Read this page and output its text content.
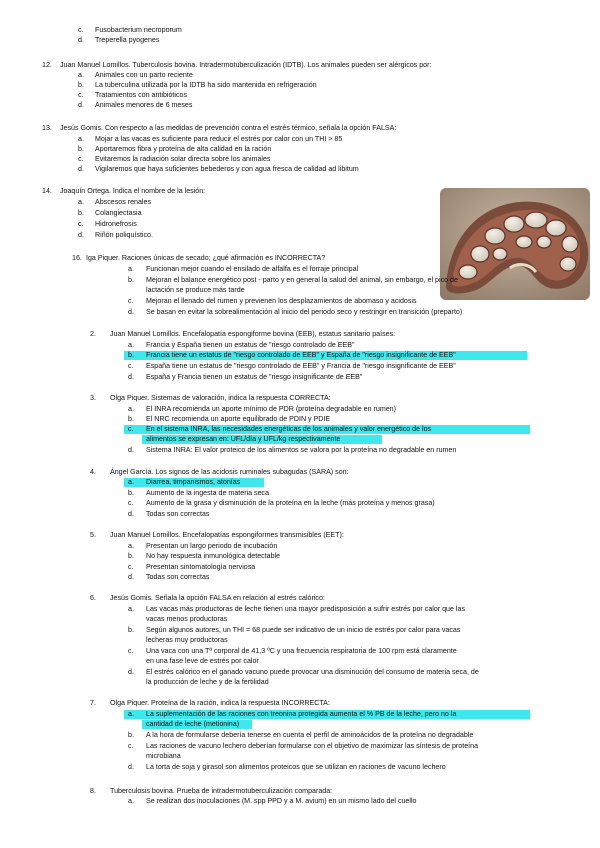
c. Fusobacterium necroporum
d. Treperella pyogenes
12. Juan Manuel Lomillos. Tuberculosis bovina. Intradermotuberculización (IDTB). Los animales pueden ser alérgicos por:
a. Animales con un parto reciente
b. La tuberculina utilizada por la IDTB ha sido mantenida en refrigeración
c. Tratamientos con antibióticos
d. Animales menores de 6 meses
13. Jesús Gomis. Con respecto a las medidas de prevención contra el estrés térmico, señala la opción FALSA:
a. Mojar a las vacas es suficiente para reducir el estrés por calor con un THI > 85
b. Aportaremos fibra y proteína de alta calidad en la ración
c. Evitaremos la radiación solar directa sobre los animales
d. Vigilaremos que haya suficientes bebederos y con agua fresca de calidad ad libitum
14. Joaquín Ortega. Indica el nombre de la lesión:
a. Abscesos renales
b. Colangiectasia
c. Hidronefrosis
d. Riñón poliquístico.
16. Iga Piquer. Raciones únicas de secado; ¿qué afirmación es INCORRECTA?
a. Funcionan mejor cuando el ensilado de alfalfa es el forraje principal
b. Mejoran el balance energético post - parto y en general la salud del animal, sin embargo, el pico de
lactación se produce más tarde
c. Mejoran el llenado del rumen y previenen los desplazamientos de abomaso y acidosis
d. Se basan en evitar la sobrealimentación al inicio del periodo seco y restringir en transición (preparto)
2. Juan Manuel Lomillos. Encefalopatía espongiforme bovina (EEB), estatus sanitario países:
a. Francia y España tienen un estatus de "riesgo controlado de EEB"
b.	Francia tiene un estatus de "riesgo controlado de EEB" y España de "riesgo insignificante de EEB"
c. España tiene un estatus de "riesgo controlado de EEB" y Francia de "riesgo insignificante de EEB"
d. España y Francia tienen un estatus de "riesgo insignificante de EEB"
3. Olga Piquer. Sistemas de valoración, indica la respuesta CORRECTA:
a. El INRA recomienda un aporte mínimo de PDR (proteína degradable en rumen)
b. El NRC recomienda un aporte equilibrado de PDIN y PDIE
c.	En el sistema INRA, las necesidades energéticas de los animales y valor energético de los
alimentos se expresan en: UFL/día y UFL/kg respectivamente
d. Sistema INRA: El valor proteico de los alimentos se valora por la proteína no degradable en rumen
4. Ángel García. Los signos de las acidosis ruminales subagudas (SARA) son:
a.	Diarrea, timpanismos, atonías
b. Aumento de la ingesta de materia seca
c. Aumento de la grasa y disminución de la proteína en la leche (más proteína y menos grasa)
d. Todas son correctas
5. Juan Manuel Lomillos. Encefalopatías espongiformes transmisibles (EET):
a. Presentan un largo periodo de incubación
b. No hay respuesta inmunológica detectable
c. Presentan sintomatología nerviosa
d. Todas son correctas
6. Jesús Gomis. Señala la opción FALSA en relación al estrés calórico:
a. Las vacas más productoras de leche tienen una mayor predisposición a sufrir estrés por calor que las
vacas menos productoras
b. Según algunos autores, un THI = 68 puede ser indicativo de un inicio de estrés por calor para vacas
lecheras muy productoras
c. Una vaca con una Tª corporal de 41,3 ºC y una frecuencia respiratoria de 100 rpm está claramente
en una fase leve de estrés por calor
d. El estrés calórico en el ganado vacuno puede provocar una disminución del consumo de materia seca, de
la producción de leche y de la fertilidad
7. Olga Piquer. Proteína de la ración, indica la respuesta INCORRECTA:
a.	La suplementación de las raciones con treonina protegida aumenta el % PB de la leche, pero no la
cantidad de leche (metionina)
b. A la hora de formularse debería tenerse en cuenta el perfil de aminoácidos de la proteína no degradable
c. Las raciones de vacuno lechero deberían formularse con el objetivo de maximizar las síntesis de proteína
microbiana
d. La torta de soja y girasol son alimentos proteicos que se utilizan en raciones de vacuno lechero
8. Tuberculosis bovina. Prueba de intradermotuberculización comparada:
a. Se realizan dos inoculaciones (M. spp PPD y a M. avium) en un mismo lado del cuello
